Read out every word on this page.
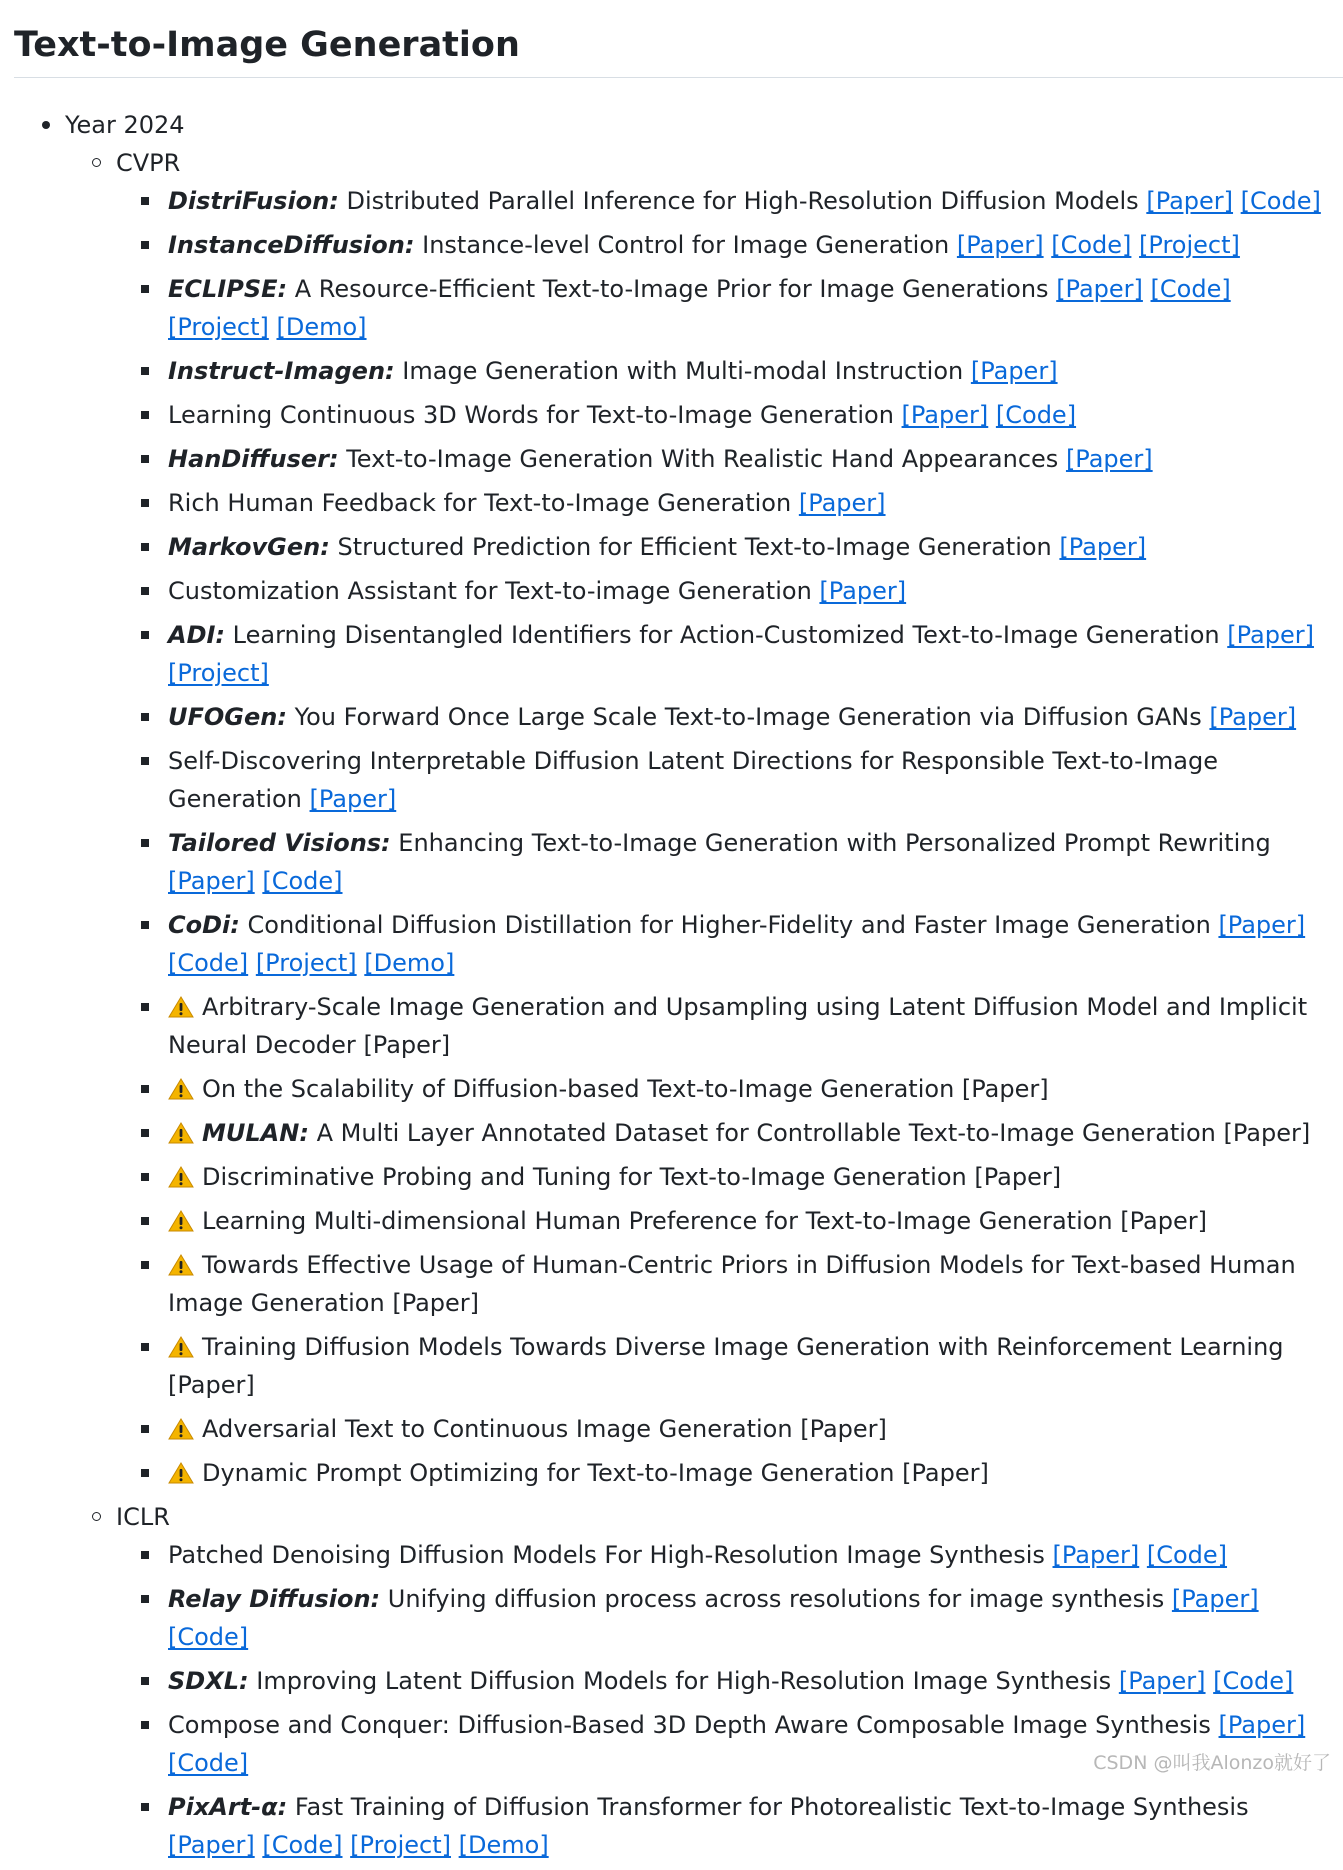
Text-to-Image Generation
Year 2024
CVPR
DistriFusion: Distributed Parallel Inference for High-Resolution Diffusion Models [Paper] [Code]
InstanceDiffusion: Instance-level Control for Image Generation [Paper] [Code] [Project]
ECLIPSE: A Resource-Efficient Text-to-Image Prior for Image Generations [Paper] [Code] [Project] [Demo]
Instruct-Imagen: Image Generation with Multi-modal Instruction [Paper]
Learning Continuous 3D Words for Text-to-Image Generation [Paper] [Code]
HanDiffuser: Text-to-Image Generation With Realistic Hand Appearances [Paper]
Rich Human Feedback for Text-to-Image Generation [Paper]
MarkovGen: Structured Prediction for Efficient Text-to-Image Generation [Paper]
Customization Assistant for Text-to-image Generation [Paper]
ADI: Learning Disentangled Identifiers for Action-Customized Text-to-Image Generation [Paper] [Project]
UFOGen: You Forward Once Large Scale Text-to-Image Generation via Diffusion GANs [Paper]
Self-Discovering Interpretable Diffusion Latent Directions for Responsible Text-to-Image Generation [Paper]
Tailored Visions: Enhancing Text-to-Image Generation with Personalized Prompt Rewriting [Paper] [Code]
CoDi: Conditional Diffusion Distillation for Higher-Fidelity and Faster Image Generation [Paper] [Code] [Project] [Demo]
Arbitrary-Scale Image Generation and Upsampling using Latent Diffusion Model and Implicit Neural Decoder [Paper]
On the Scalability of Diffusion-based Text-to-Image Generation [Paper]
MULAN: A Multi Layer Annotated Dataset for Controllable Text-to-Image Generation [Paper]
Discriminative Probing and Tuning for Text-to-Image Generation [Paper]
Learning Multi-dimensional Human Preference for Text-to-Image Generation [Paper]
Towards Effective Usage of Human-Centric Priors in Diffusion Models for Text-based Human Image Generation [Paper]
Training Diffusion Models Towards Diverse Image Generation with Reinforcement Learning [Paper]
Adversarial Text to Continuous Image Generation [Paper]
Dynamic Prompt Optimizing for Text-to-Image Generation [Paper]
ICLR
Patched Denoising Diffusion Models For High-Resolution Image Synthesis [Paper] [Code]
Relay Diffusion: Unifying diffusion process across resolutions for image synthesis [Paper] [Code]
SDXL: Improving Latent Diffusion Models for High-Resolution Image Synthesis [Paper] [Code]
Compose and Conquer: Diffusion-Based 3D Depth Aware Composable Image Synthesis [Paper] [Code]
PixArt-α: Fast Training of Diffusion Transformer for Photorealistic Text-to-Image Synthesis [Paper] [Code] [Project] [Demo]
CSDN @叫我Alonzo就好了
